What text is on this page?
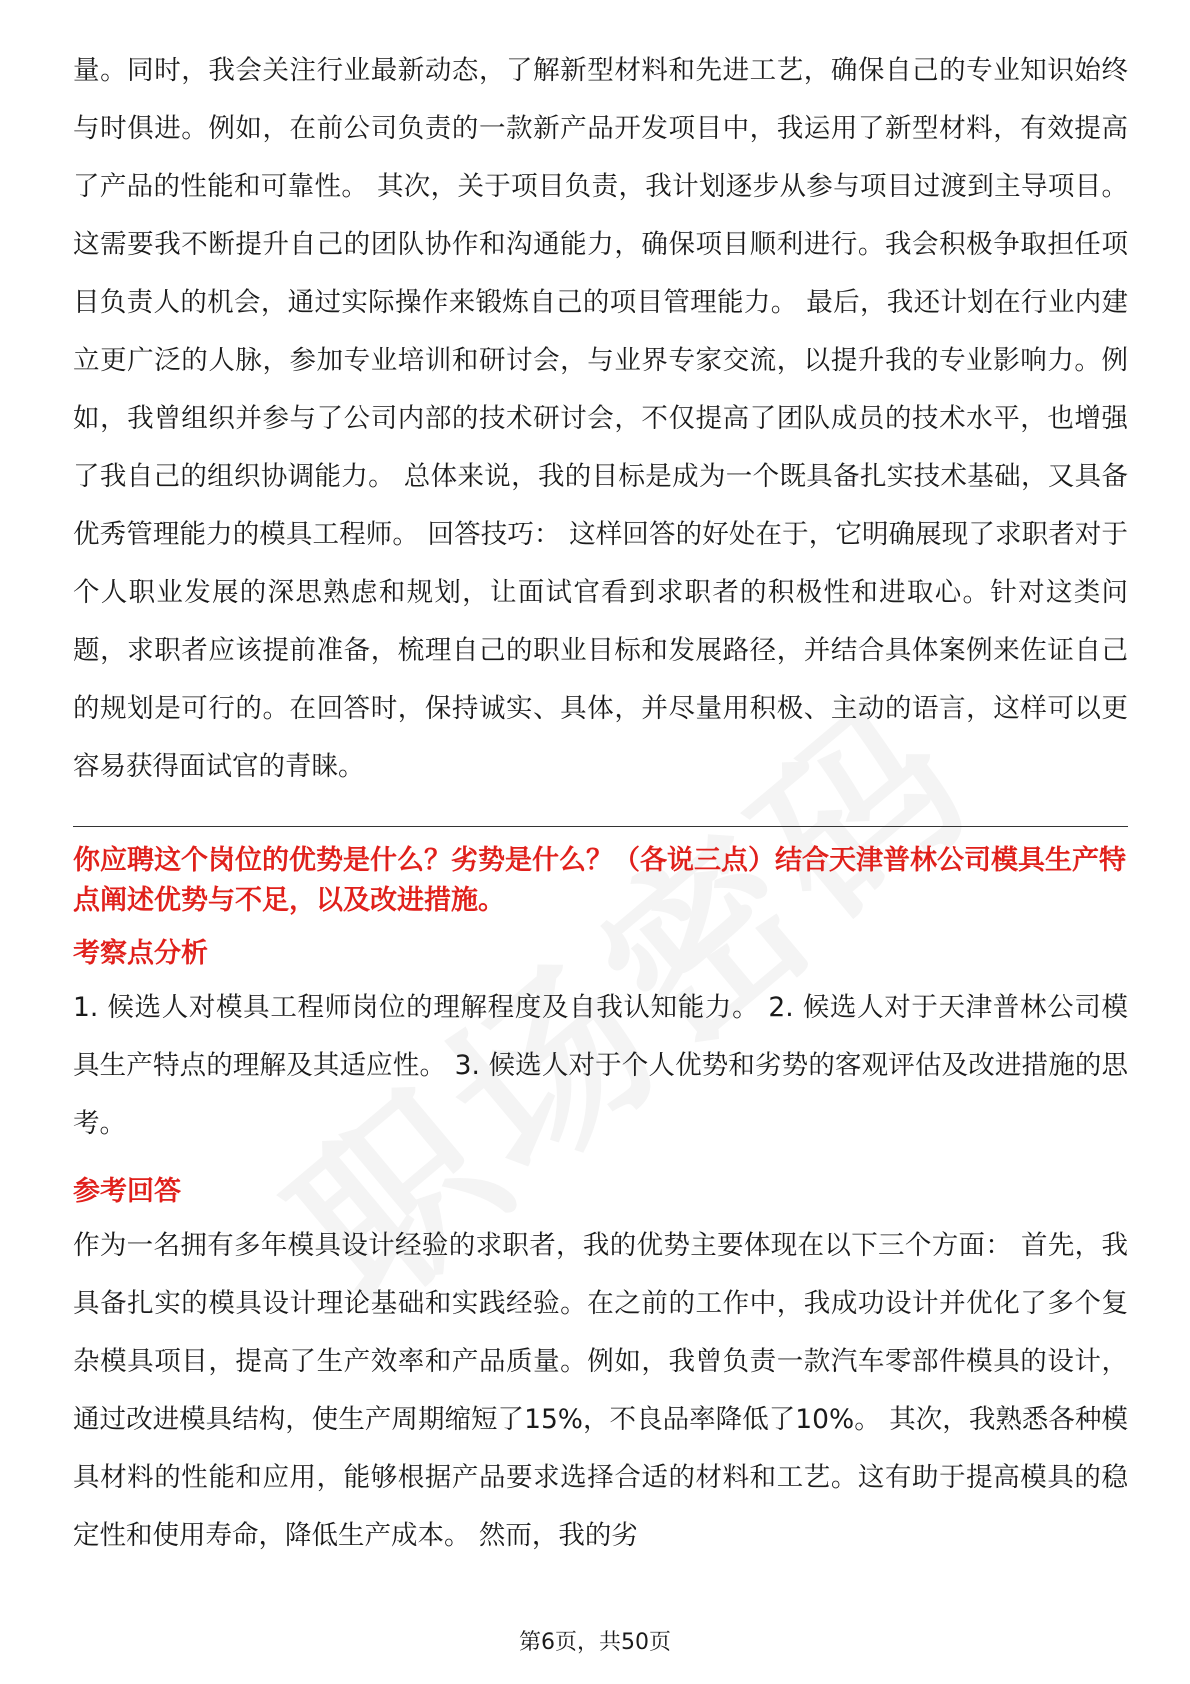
量。同时，我会关注行业最新动态，了解新型材料和先进工艺，确保自己的专业知识始终与时俱进。例如，在前公司负责的一款新产品开发项目中，我运用了新型材料，有效提高了产品的性能和可靠性。 其次，关于项目负责，我计划逐步从参与项目过渡到主导项目。这需要我不断提升自己的团队协作和沟通能力，确保项目顺利进行。我会积极争取担任项目负责人的机会，通过实际操作来锻炼自己的项目管理能力。 最后，我还计划在行业内建立更广泛的人脉，参加专业培训和研讨会，与业界专家交流，以提升我的专业影响力。例如，我曾组织并参与了公司内部的技术研讨会，不仅提高了团队成员的技术水平，也增强了我自己的组织协调能力。 总体来说，我的目标是成为一个既具备扎实技术基础，又具备优秀管理能力的模具工程师。 回答技巧： 这样回答的好处在于，它明确展现了求职者对于个人职业发展的深思熟虑和规划，让面试官看到求职者的积极性和进取心。针对这类问题，求职者应该提前准备，梳理自己的职业目标和发展路径，并结合具体案例来佐证自己的规划是可行的。在回答时，保持诚实、具体，并尽量用积极、主动的语言，这样可以更容易获得面试官的青睐。

你应聘这个岗位的优势是什么？劣势是什么？（各说三点）结合天津普林公司模具生产特点阐述优势与不足，以及改进措施。

考察点分析

1. 候选人对模具工程师岗位的理解程度及自我认知能力。 2. 候选人对于天津普林公司模具生产特点的理解及其适应性。 3. 候选人对于个人优势和劣势的客观评估及改进措施的思考。

参考回答

作为一名拥有多年模具设计经验的求职者，我的优势主要体现在以下三个方面： 首先，我具备扎实的模具设计理论基础和实践经验。在之前的工作中，我成功设计并优化了多个复杂模具项目，提高了生产效率和产品质量。例如，我曾负责一款汽车零部件模具的设计，通过改进模具结构，使生产周期缩短了15%，不良品率降低了10%。 其次，我熟悉各种模具材料的性能和应用，能够根据产品要求选择合适的材料和工艺。这有助于提高模具的稳定性和使用寿命，降低生产成本。 然而，我的劣

第6页，共50页
